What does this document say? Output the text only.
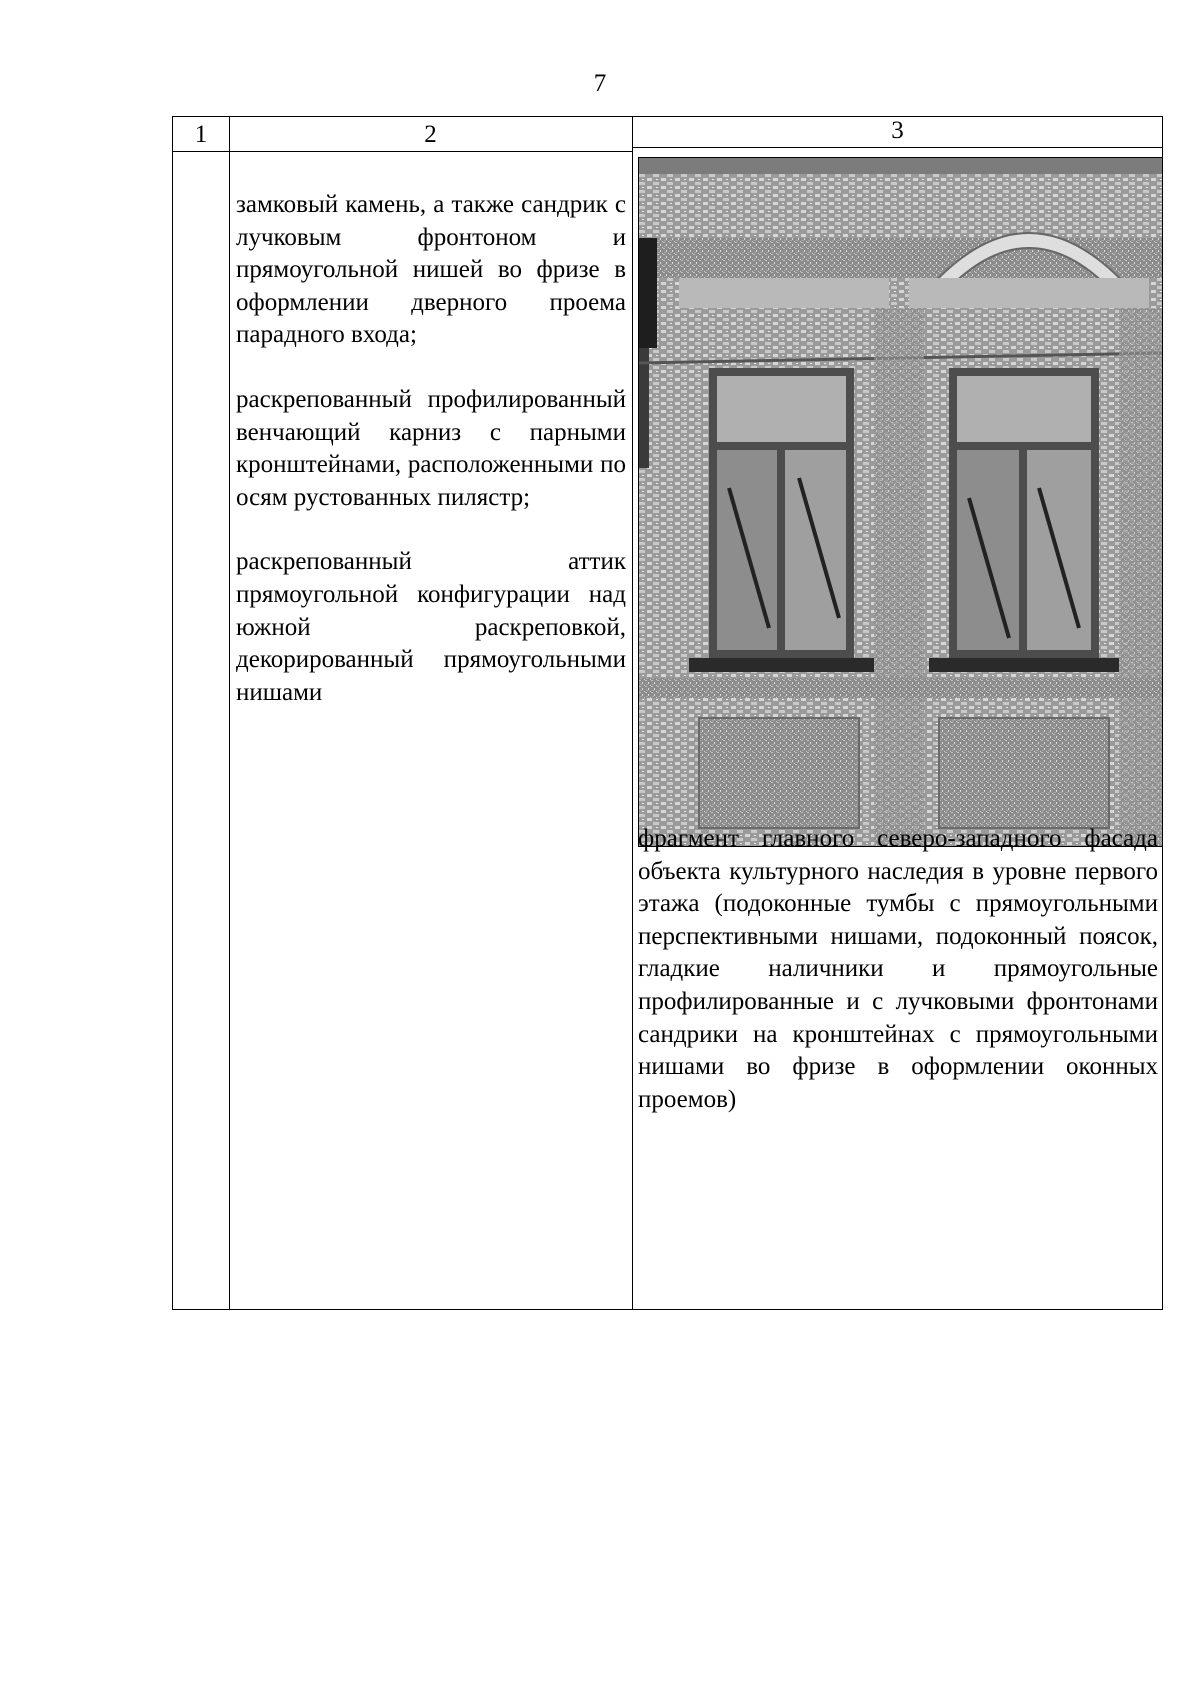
7
1	2	3

замковый камень, а также сандрик с лучковым фронтоном и прямоугольной нишей во фризе в оформлении дверного проема парадного входа;

раскрепованный профилированный венчающий карниз с парными кронштейнами, расположенными по осям рустованных пилястр;

раскрепованный аттик прямоугольной конфигурации над южной раскреповкой, декорированный прямоугольными нишами

фрагмент главного северо-западного фасада объекта культурного наследия в уровне первого этажа (подоконные тумбы с прямоугольными перспективными нишами, подоконный поясок, гладкие наличники и прямоугольные профилированные и с лучковыми фронтонами сандрики на кронштейнах с прямоугольными нишами во фризе в оформлении оконных проемов)
